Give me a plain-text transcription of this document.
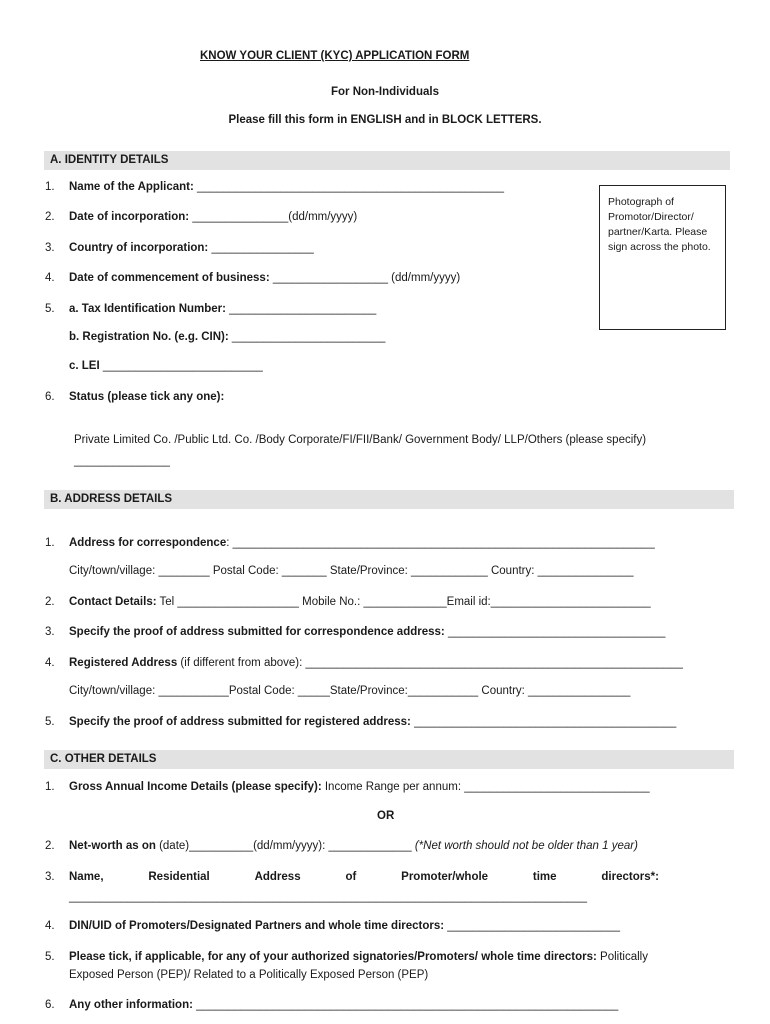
KNOW YOUR CLIENT (KYC) APPLICATION FORM
For Non-Individuals
Please fill this form in ENGLISH and in BLOCK LETTERS.
A. IDENTITY DETAILS
Photograph of Promotor/Director/ partner/Karta. Please sign across the photo.
1. Name of the Applicant: ________________________________________________
2. Date of incorporation: _______________(dd/mm/yyyy)
3. Country of incorporation: ________________
4. Date of commencement of business: __________________ (dd/mm/yyyy)
5. a. Tax Identification Number: _______________________
b. Registration No. (e.g. CIN): ________________________
c. LEI _________________________
6. Status (please tick any one):
Private Limited Co. /Public Ltd. Co. /Body Corporate/FI/FII/Bank/ Government Body/ LLP/Others (please specify)
_______________
B. ADDRESS DETAILS
1. Address for correspondence: __________________________________________________________________
City/town/village: ________ Postal Code: _______ State/Province: ____________ Country: _______________
2. Contact Details: Tel ___________________ Mobile No.: _____________Email id:_________________________
3. Specify the proof of address submitted for correspondence address: __________________________________
4. Registered Address (if different from above): ___________________________________________________________
City/town/village: ___________Postal Code: _____State/Province:___________ Country: ________________
5. Specify the proof of address submitted for registered address: _________________________________________
C. OTHER DETAILS
1. Gross Annual Income Details (please specify): Income Range per annum: _____________________________
OR
2. Net-worth as on (date)__________(dd/mm/yyyy): _____________ (*Net worth should not be older than 1 year)
3. Name,	Residential	Address	of	Promoter/whole	time	directors*:
_________________________________________________________________________________
4. DIN/UID of Promoters/Designated Partners and whole time directors: ___________________________
5. Please tick, if applicable, for any of your authorized signatories/Promoters/ whole time directors: Politically
Exposed Person (PEP)/ Related to a Politically Exposed Person (PEP)
6. Any other information: __________________________________________________________________
